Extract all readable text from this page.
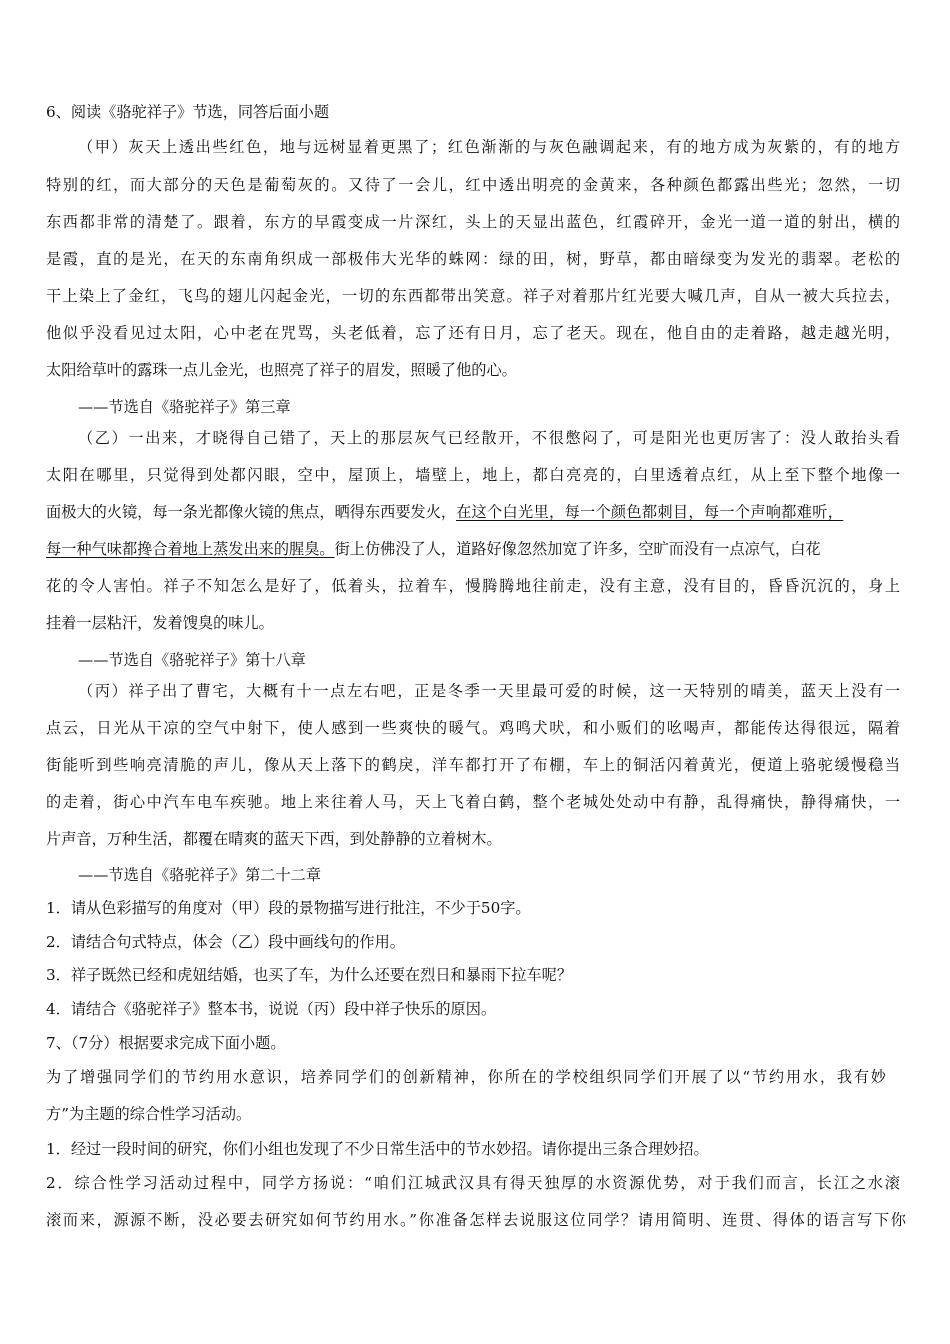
6、阅读《骆驼祥子》节选，同答后面小题
（甲）灰天上透出些红色，地与远树显着更黑了；红色渐渐的与灰色融调起来，有的地方成为灰紫的，有的地方
特别的红，而大部分的天色是葡萄灰的。又待了一会儿，红中透出明亮的金黄来，各种颜色都露出些光；忽然，一切
东西都非常的清楚了。跟着，东方的早霞变成一片深红，头上的天显出蓝色，红霞碎开，金光一道一道的射出，横的
是霞，直的是光，在天的东南角织成一部极伟大光华的蛛网：绿的田，树，野草，都由暗绿变为发光的翡翠。老松的
干上染上了金红，飞鸟的翅儿闪起金光，一切的东西都带出笑意。祥子对着那片红光要大喊几声，自从一被大兵拉去，
他似乎没看见过太阳，心中老在咒骂，头老低着，忘了还有日月，忘了老天。现在，他自由的走着路，越走越光明，
太阳给草叶的露珠一点儿金光，也照亮了祥子的眉发，照暖了他的心。
——节选自《骆驼祥子》第三章
（乙）一出来，才晓得自己错了，天上的那层灰气已经散开，不很憋闷了，可是阳光也更厉害了：没人敢抬头看
太阳在哪里，只觉得到处都闪眼，空中，屋顶上，墙壁上，地上，都白亮亮的，白里透着点红，从上至下整个地像一
面极大的火镜，每一条光都像火镜的焦点，晒得东西要发火，在这个白光里，每一个颜色都刺目，每一个声响都难听，
每一种气味都搀合着地上蒸发出来的腥臭。街上仿佛没了人，道路好像忽然加宽了许多，空旷而没有一点凉气，白花
花的令人害怕。祥子不知怎么是好了，低着头，拉着车，慢腾腾地往前走，没有主意，没有目的，昏昏沉沉的，身上
挂着一层粘汗，发着馊臭的味儿。
——节选自《骆驼祥子》第十八章
（丙）祥子出了曹宅，大概有十一点左右吧，正是冬季一天里最可爱的时候，这一天特别的晴美，蓝天上没有一
点云，日光从干凉的空气中射下，使人感到一些爽快的暖气。鸡鸣犬吠，和小贩们的吆喝声，都能传达得很远，隔着
街能听到些响亮清脆的声儿，像从天上落下的鹤戾，洋车都打开了布棚，车上的铜活闪着黄光，便道上骆驼缓慢稳当
的走着，街心中汽车电车疾驰。地上来往着人马，天上飞着白鹤，整个老城处处动中有静，乱得痛快，静得痛快，一
片声音，万种生活，都覆在晴爽的蓝天下西，到处静静的立着树木。
——节选自《骆驼祥子》第二十二章
1．请从色彩描写的角度对（甲）段的景物描写进行批注，不少于50字。
2．请结合句式特点，体会（乙）段中画线句的作用。
3．祥子既然已经和虎妞结婚，也买了车，为什么还要在烈日和暴雨下拉车呢？
4．请结合《骆驼祥子》整本书，说说（丙）段中祥子快乐的原因。
7、（7分）根据要求完成下面小题。
为了增强同学们的节约用水意识，培养同学们的创新精神，你所在的学校组织同学们开展了以“节约用水，我有妙
方”为主题的综合性学习活动。
1．经过一段时间的研究，你们小组也发现了不少日常生活中的节水妙招。请你提出三条合理妙招。
2．综合性学习活动过程中，同学方扬说：“咱们江城武汉具有得天独厚的水资源优势，对于我们而言，长江之水滚
滚而来，源源不断，没必要去研究如何节约用水。”你准备怎样去说服这位同学？请用简明、连贯、得体的语言写下你
